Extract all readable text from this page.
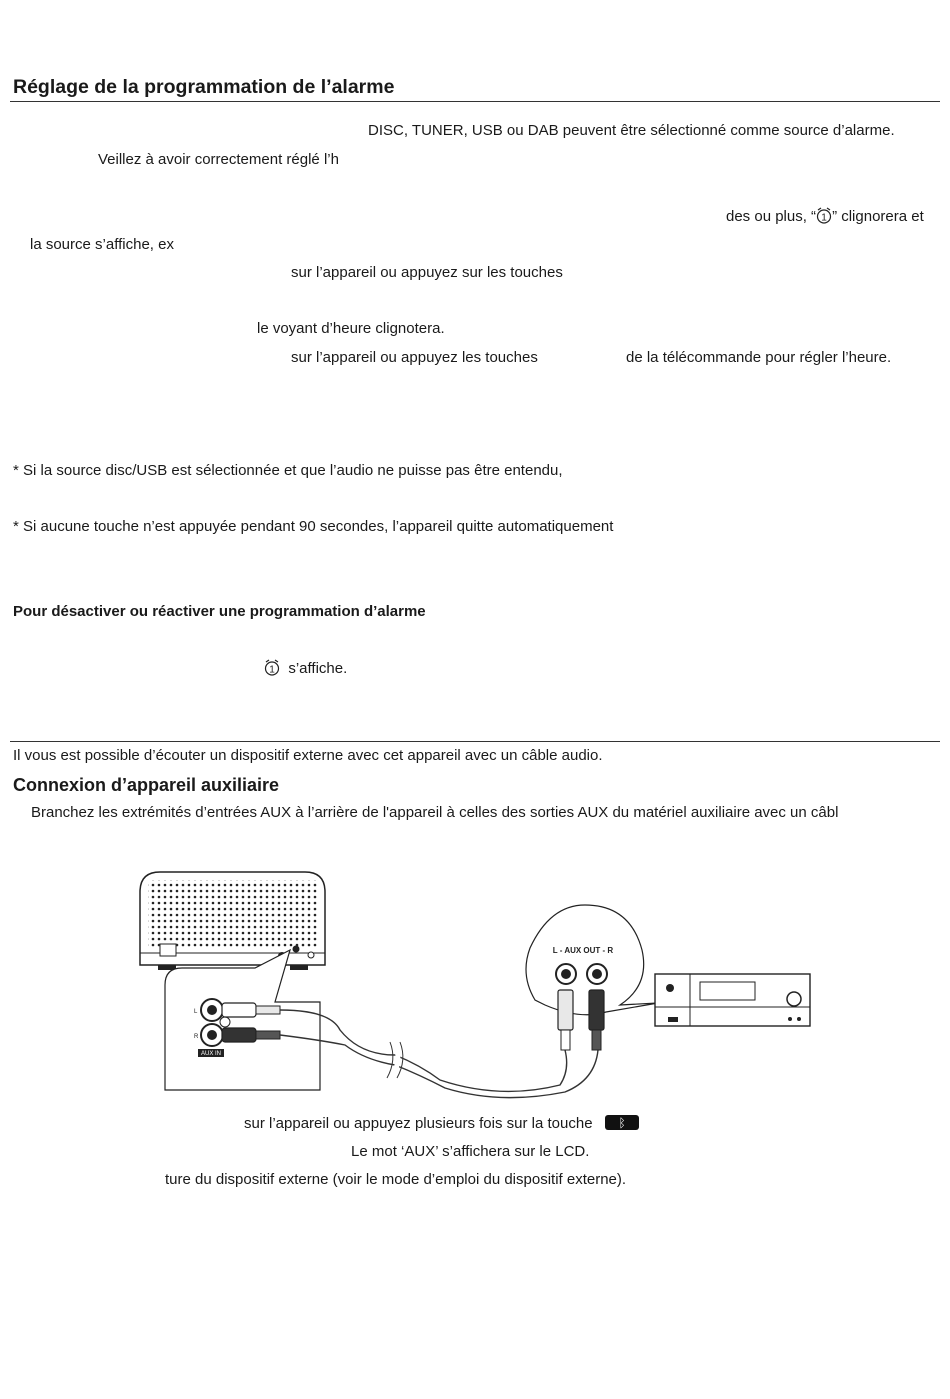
Réglage de la programmation de l’alarme
DISC, TUNER, USB ou DAB peuvent être sélectionné comme source d’alarme.
Veillez à avoir correctement réglé l’h
des ou plus, “ 1 ” clignorera et
la source s’affiche, ex
sur l’appareil ou appuyez sur les touches
le voyant d’heure clignotera.
sur l’appareil ou appuyez les touches	de la télécommande pour régler l’heure.
* Si la source disc/USB est sélectionnée et que l’audio ne puisse pas être entendu,
* Si aucune touche n’est appuyée pendant 90 secondes, l’appareil quitte automatiquement
Pour désactiver ou réactiver une programmation d’alarme
1 s’affiche.
Il vous est possible d’écouter un dispositif externe avec cet appareil avec un câble audio.
Connexion d’appareil auxiliaire
Branchez les extrémités d’entrées AUX à l’arrière de l'appareil à celles des sorties AUX du matériel auxiliaire avec un câbl
L
R
AUX IN
L - AUX OUT - R
sur l’appareil ou appuyez plusieurs fois sur la touche	ᛒ
Le mot ‘AUX’ s’affichera sur le LCD.
ture du dispositif externe (voir le mode d’emploi du dispositif externe).
